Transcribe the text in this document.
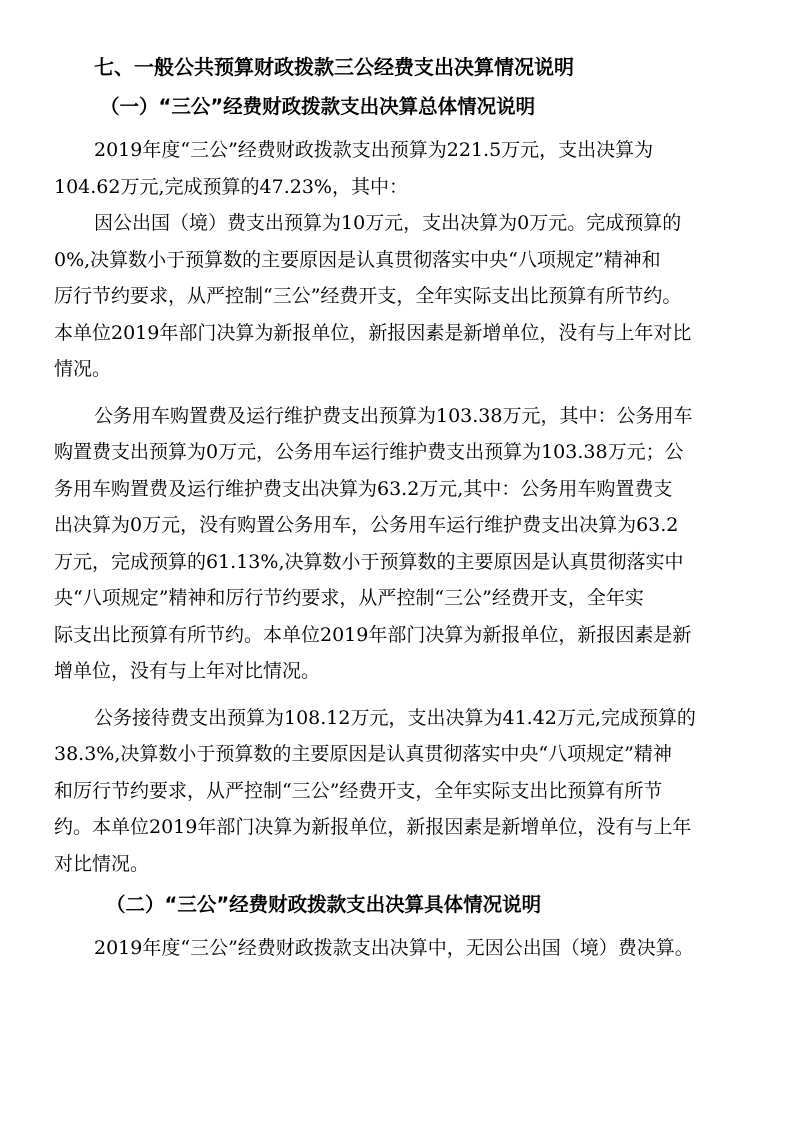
七、一般公共预算财政拨款三公经费支出决算情况说明
（一）“三公”经费财政拨款支出决算总体情况说明
2019年度“三公”经费财政拨款支出预算为221.5万元，支出决算为
104.62万元,完成预算的47.23%，其中：
因公出国（境）费支出预算为10万元，支出决算为0万元。完成预算的
0%,决算数小于预算数的主要原因是认真贯彻落实中央“八项规定”精神和
厉行节约要求，从严控制“三公”经费开支，全年实际支出比预算有所节约。
本单位2019年部门决算为新报单位，新报因素是新增单位，没有与上年对比
情况。
公务用车购置费及运行维护费支出预算为103.38万元，其中：公务用车
购置费支出预算为0万元，公务用车运行维护费支出预算为103.38万元；公
务用车购置费及运行维护费支出决算为63.2万元,其中：公务用车购置费支
出决算为0万元，没有购置公务用车，公务用车运行维护费支出决算为63.2
万元，完成预算的61.13%,决算数小于预算数的主要原因是认真贯彻落实中
央“八项规定”精神和厉行节约要求，从严控制“三公”经费开支，全年实
际支出比预算有所节约。本单位2019年部门决算为新报单位，新报因素是新
增单位，没有与上年对比情况。
公务接待费支出预算为108.12万元，支出决算为41.42万元,完成预算的
38.3%,决算数小于预算数的主要原因是认真贯彻落实中央“八项规定”精神
和厉行节约要求，从严控制“三公”经费开支，全年实际支出比预算有所节
约。本单位2019年部门决算为新报单位，新报因素是新增单位，没有与上年
对比情况。
（二）“三公”经费财政拨款支出决算具体情况说明
2019年度“三公”经费财政拨款支出决算中，无因公出国（境）费决算。
